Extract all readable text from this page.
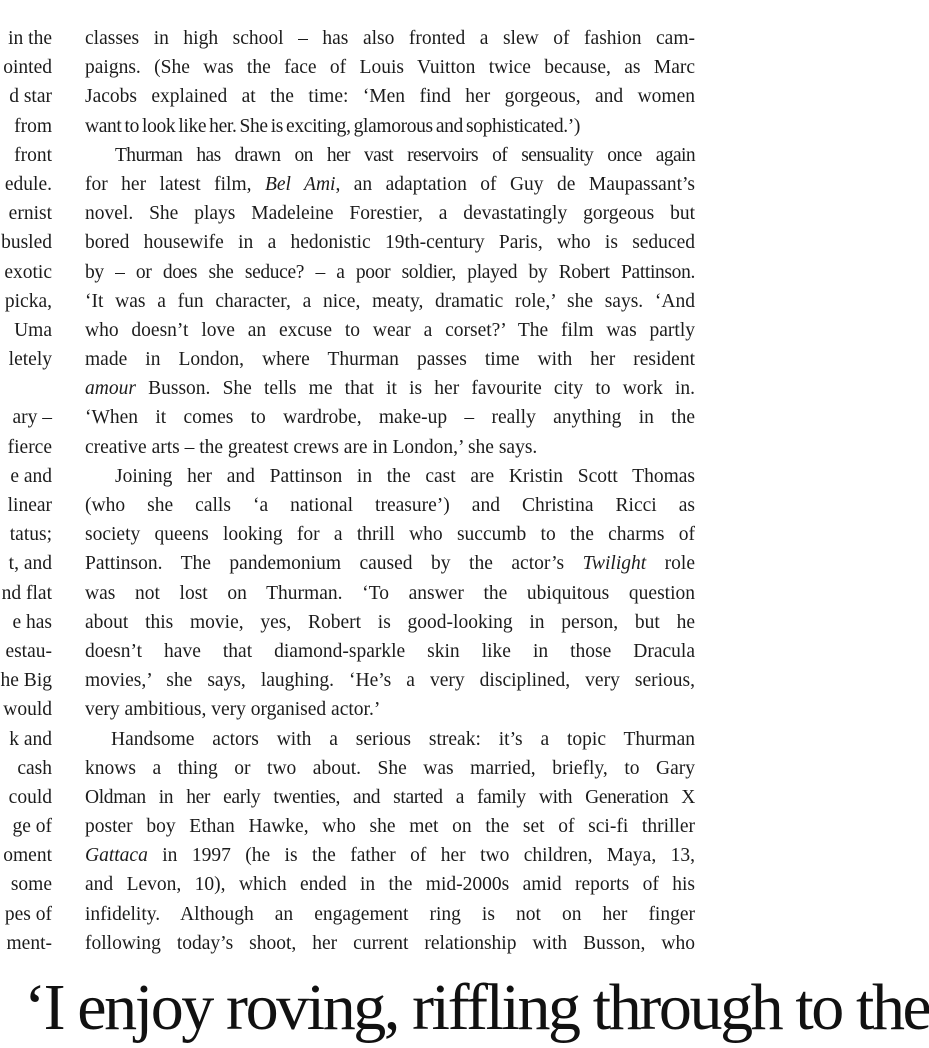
in the
ointed
d star
from
front
edule.
ernist
busled
exotic
picka,
Uma
letely
ary –
fierce
e and
linear
tatus;
t, and
nd flat
e has
estau-
he Big
would
k and
cash
could
ge of
oment
some
pes of
ment-
classes in high school – has also fronted a slew of fashion cam-
paigns. (She was the face of Louis Vuitton twice because, as Marc
Jacobs explained at the time: ‘Men find her gorgeous, and women
want to look like her. She is exciting, glamorous and sophisticated.’)
Thurman has drawn on her vast reservoirs of sensuality once again
for her latest film, Bel Ami, an adaptation of Guy de Maupassant’s
novel. She plays Madeleine Forestier, a devastatingly gorgeous but
bored housewife in a hedonistic 19th-century Paris, who is seduced
by – or does she seduce? – a poor soldier, played by Robert Pattinson.
‘It was a fun character, a nice, meaty, dramatic role,’ she says. ‘And
who doesn’t love an excuse to wear a corset?’ The film was partly
made in London, where Thurman passes time with her resident
amour Busson. She tells me that it is her favourite city to work in.
‘When it comes to wardrobe, make-up – really anything in the
creative arts – the greatest crews are in London,’ she says.
Joining her and Pattinson in the cast are Kristin Scott Thomas
(who she calls ‘a national treasure’) and Christina Ricci as
society queens looking for a thrill who succumb to the charms of
Pattinson. The pandemonium caused by the actor’s Twilight role
was not lost on Thurman. ‘To answer the ubiquitous question
about this movie, yes, Robert is good-looking in person, but he
doesn’t have that diamond-sparkle skin like in those Dracula
movies,’ she says, laughing. ‘He’s a very disciplined, very serious,
very ambitious, very organised actor.’
Handsome actors with a serious streak: it’s a topic Thurman
knows a thing or two about. She was married, briefly, to Gary
Oldman in her early twenties, and started a family with Generation X
poster boy Ethan Hawke, who she met on the set of sci-fi thriller
Gattaca in 1997 (he is the father of her two children, Maya, 13,
and Levon, 10), which ended in the mid-2000s amid reports of his
infidelity. Although an engagement ring is not on her finger
following today’s shoot, her current relationship with Busson, who
‘I enjoy roving, riffling through to the
